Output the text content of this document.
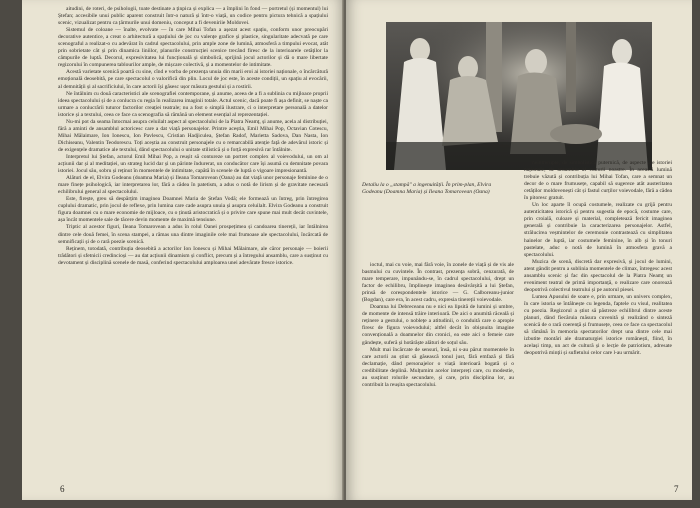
aitudini, de roteri, de psihologii, toate destinate a ținpica și explica — a împlini în fond — portretul (și momentul) lui Ștefan; accesibile unui public aparent construit într-o natură și într-o viață, un codice pentru pictura tehnică a spațiului scenic, vizualizat pentru ca țărmurile unui domeniu, conceput a fi deveniriie Moldovei.

Sistemul de coloane — înalte, evolvate — în care Mihai Tofan a așezat acest spațiu, conform unor preocupări decorative autentice, a creat o arhitectură a spațiului de joc cu valențe grafice și plastice, singularitate adecvată pe care scenograful a realizat-o cu adevărat în cadrul spectacolului, prin ample zone de lumină, atmosferă a timpului evocat, atât prin sobrietate cât și prin dinamica liniilor, planurile construcției scenice trecând firesc de la interioarele cetăților la câmpurile de luptă. Decorul, expresivitatea lui funcțională și simbolică, sprijină jocul actorilor și dă o mare libertate regizorului în compunerea tablourilor ample, de mișcare colectivă, și a momentelor de intimitate.

Acestă varietate scenică poartă cu sine, cînd e vorba de prezența unuia din marii eroi ai istoriei naționale, o încărcătură emoțională deosebită, pe care spectacolul o valorifică din plin. Locul de joc este, în aceste condiții, un spațiu al evocării, al demnității și al sacrificiului, în care actorii își găsesc ușor măsura gestului și a rostirii.

Ne întâlnim cu două caracteristici ale scenografiei contemporane, și anume, aceea de a fi a sublinia cu mijloace proprii ideea spectacolului și de a conlucra cu regia în realizarea imaginii totale. Actul scenic, dacă poate fi așa definit, se naște ca urmare a conlucrării tuturor factorilor creației teatrale; nu a fost o simplă ilustrare, ci o interpretare personală a datelor istorice și a textului, ceea ce face ca scenografia să rămână un element esențial al reprezentației.

Nu-mi pot da seama întocmai asupra celuilalt aspect al spectacolului de la Piatra Neamț, și anume, acela al distribuției, fără a aminti de ansamblul actoricesc care a dat viață personajelor. Printre aceștia, Emil Mihai Pop, Octavian Cotescu, Mihai Mălaimare, Ion Ionescu, Ion Pavlescu, Cristian Hadjiculea, Ștefan Radof, Marietta Sadova, Dan Nasta, Ion Dichiseanu, Valentin Teodorescu. Toți aceștia au construit personajele cu o remarcabilă atenție față de adevărul istoric și de exigențele dramatice ale textului, dând spectacolului o unitate stilistică și o forță expresivă rar întâlnite.

Interpretul lui Ștefan, actorul Emil Mihai Pop, a reușit să contureze un portret complex al voievodului, un om al acțiunii dar și al meditației, un strateg lucid dar și un părinte îndurerat, un conducător care își asumă cu demnitate povara istoriei. Jocul său, sobru și reținut în momentele de intimitate, capătă în scenele de luptă o vigoare impresionantă.

Alături de el, Elvira Godeanu (doamna Maria) și Ileana Tomarovean (Oana) au dat viață unor personaje feminine de o mare finețe psihologică, iar interpretarea lor, fără a cădea în patetism, a adus o notă de lirism și de gravitate necesară echilibrului general al spectacolului.

Este, firește, greu să despărțim imaginea Doamnei Maria de Ștefan Vodă; ele formează un întreg, prin întregirea cuplului dramatic, prin jocul de reflexe, prin lumina care cade asupra unuia și asupra celuilalt. Elvira Godeanu a construit figura doamnei cu o mare economie de mijloace, cu o ținută aristocratică și o privire care spune mai mult decât cuvintele, așa încât momentele sale de tăcere devin momente de maximă tensiune.

Triptic al acestor figuri, Ileana Tomarovean a adus în rolul Oanei prospețimea și candoarea tinereții, iar întâlnirea dintre cele două femei, în scena stampei, a rămas una dintre imaginile cele mai frumoase ale spectacolului, încărcată de semnificații și de o rară poezie scenică.

Reținem, totodată, contribuția deosebită a actorilor Ion Ionescu și Mihai Mălaimare, ale căror personaje — boierii trădători și sfetnicii credincioși — au dat acțiunii dinamism și conflict, precum și a întregului ansamblu, care a susținut cu devotament și disciplină scenele de masă, conferind spectacolului amploarea unei adevărate fresce istorice.

6
Detaliu la o „stampă" a ingenuității. În prim-plan, Elvira Godeanu (Doamna Maria) și Ileana Tomarovean (Oana)

ioctul, mai cu voie, mai fără voie, în zonele de viață și de vis ale basmului cu cuvintele. În contrast, prezența sobră, cenzurată, de mare temperare, impunându-se, în cadrul spectacolului, drept un factor de echilibru, împlinește imaginea desăvârșită a lui Ștefan, prinsă de corespondentele istorice — G. Calboreanu-junior (Bogdan), care era, în acest cadru, expresia tinereții voievodale.

Doamna lui Debreceanu nu e nici ea lipsită de lumini și umbre, de momente de intensă trăire interioară. De aici o anumită răceală și reținere a gestului, o noblețe a atitudinii, o conduită care o apropie firesc de figura voievodului; altfel decât în obișnuita imagine convențională a doamnelor din cronici, ea este aici o femeie care gândește, suferă și hotărăște alături de soțul său.

Mult mai încărcate de sensuri, însă, ni s-au părut momentele în care actorii au știut să găsească tonul just, fără emfază și fără declamație, dând personajelor o viață interioară bogată și o credibilitate deplină. Mulțumim acelor interpreți care, cu modestie, au susținut rolurile secundare, și care, prin disciplina lor, au contribuit la reușita spectacolului.

neîntrerupte, de simbolistică puternică, de aspecte ale istoriei naționale, de ansamblu al culturii noastre. În această lumină trebuie văzută și contribuția lui Mihai Tofan, care a semnat un decor de o mare frumusețe, capabil să sugereze atât austeritatea cetăților moldovenești cât și fastul curților voievodale, fără a cădea în pitoresc gratuit.

Un loc aparte îl ocupă costumele, realizate cu grijă pentru autenticitatea istorică și pentru sugestia de epocă, costume care, prin croială, culoare și material, completează fericit imaginea generală și contribuie la caracterizarea personajelor. Astfel, strălucirea veșmintelor de ceremonie contrastează cu simplitatea hainelor de luptă, iar costumele feminine, în alb și în tonuri pastelate, aduc o notă de lumină în atmosfera gravă a spectacolului.

Muzica de scenă, discretă dar expresivă, și jocul de lumini, atent gândit pentru a sublinia momentele de climax, întregesc acest ansamblu scenic și fac din spectacolul de la Piatra Neamț un eveniment teatral de primă importanță, o realizare care onorează deopotrivă colectivul teatrului și pe autorul piesei.

Lumea Apusului de soare e, prin urmare, un univers complex, în care istoria se întâlnește cu legenda, faptele cu visul, realitatea cu poezia. Regizorul a știut să păstreze echilibrul dintre aceste planuri, dând fiecăruia măsura cuvenită și realizând o sinteză scenică de o rară coerență și frumusețe, ceea ce face ca spectacolul să rămână în memoria spectatorilor drept una dintre cele mai izbutite montări ale dramaturgiei istorice românești, fiind, în același timp, un act de cultură și o lecție de patriotism, adresate deopotrivă minții și sufletului celor care l-au urmărit.

7
